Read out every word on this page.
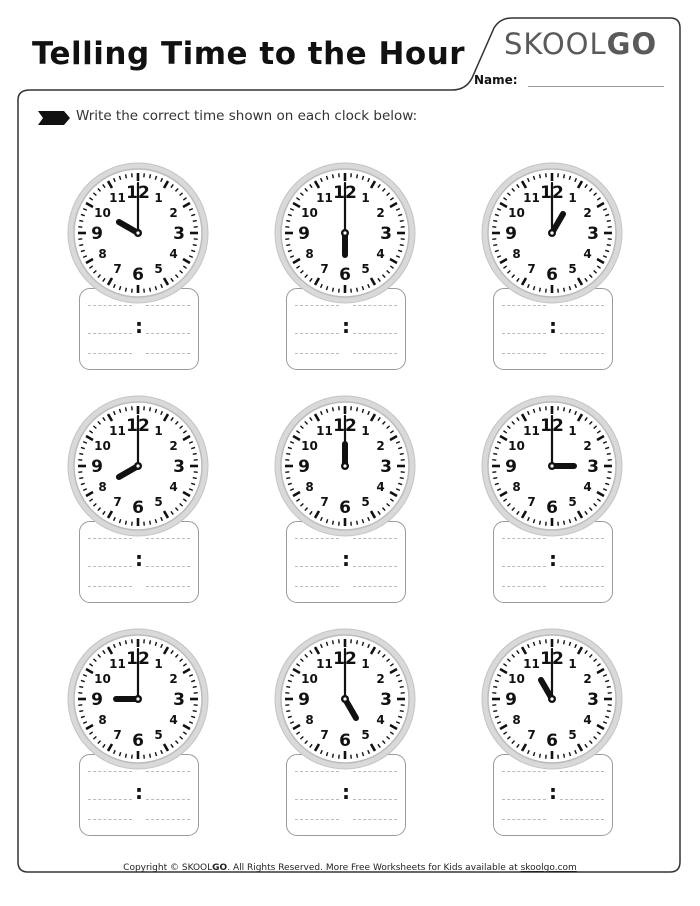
Telling Time to the Hour SKOOLGO
Name:
Write the correct time shown on each clock below:
:
1
2
3
4
5
6
7
8
9
10
11 12
:
1
2
3
4
5
6
7
8
9
10
11 12
:
1
2
3
4
5
6
7
8
9
10
11 12
:
1
2
3
4
5
6
7
8
9
10
11 12
:
1
2
3
4
5
6
7
8
9
10
11 12
:
1
2
3
4
5
6
7
8
9
10
11 12
:
1
2
3
4
5
6
7
8
9
10
11 12
:
1
2
3
4
5
6
7
8
9
10
11 12
:
1
2
3
4
5
6
7
8
9
10
11 12
Copyright © SKOOLGO. All Rights Reserved. More Free Worksheets for Kids available at skoolgo.com
